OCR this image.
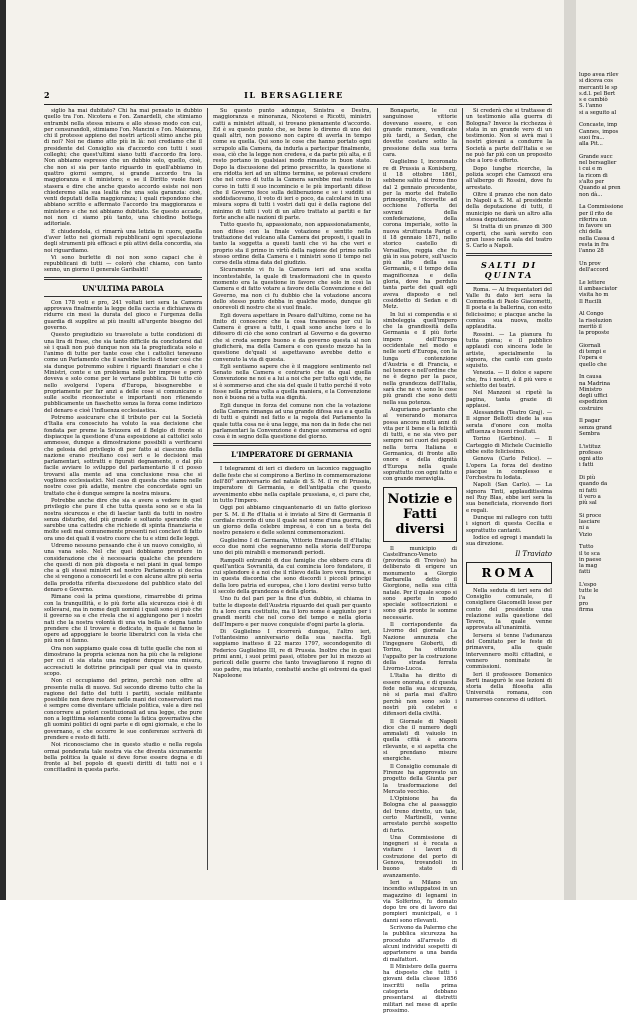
2	IL BERSAGLIERE

siglio ha mai dubitato? Chi ha mai pensato in dubbio quello tra l'on. Nicotera e l'on. Zanardelli, che stimiamo entrambi nella stessa misura e allo stesso modo con cui, per censurandoli, stimiamo l'on. Mancini e l'on. Maiorana, chi il protesse appieno dei nostri articoli stimo anche più di noi? Noi ne diamo atto più in là: noi crediamo che il presidente del Consiglio sia d'accordo con tutti i suoi colleghi; che quest'ultimi siano tutti d'accordo fra loro. Non abbiamo espresso che un dubbio solo, quello, cioè, che non si sia per tanto riguardo in quell'abbiamo in quattro giorni sempre, si grande accordo tra la maggioranza e il ministero; e se il Diritto vuole fuori stasera e dire che anche questo accordo esiste noi non chiederemo alla sua lealtà che una sola garanzia: cioè, venti deputati della maggioranza; i quali rispondono che abbiano scritto e affermato l'accordo tra maggioranza e ministero e che noi abbiamo dubitato. Se questo accade, noi non ci siamo più tanto, una chiodino bottega aditoriale.

E chiudendola, ci rimarrà una letizia in cuore, quella d'aver letto nei giornali repubblicani ogni speculazione degli strumenti più efficaci e più attivi della concordia, sia noi riguardiamo.

Vi sono burlette di noi non sono capaci che è repubblicani di tutti — colorò che chiamo, con tanto senno, un giorno il generale Garibaldi!

UN'ULTIMA PAROLA

Con 178 voti e pro, 241 voltati ieri sera la Camera approvava finalmente la legge della caccia e dichiarava di ridurre cin mesi la durata del gioco e l'urgenza della guardia di supplire ai più insulti all'urgente bisogno del governo.

Questo pregiudizio su trasvolute a tutte condizioni di una lira di frase, che sia tanto difficile da concludersi dal sè i quali non può dunque non sia la pregiudicata solo e l'animo di tutte per tante cose che i cattolici tenevano come un Parlamento che il sarebbe lecito di tener così che sia dunque potremmo subire i riguardi finanziari e che i Ministri, conte e un problema nelle lor imprese e però doveva e solo come per le vertane pubblica. Di tutto ciò nello svolgersi l'opera d'Europa, bisognerebbe e propriamente per far anzi a delle cose si comunicano e sulle scelte riconosciute e importanti non ritenendo pubblicamente un fiaschetto senza la forza come indirizzo del denaro e cioè l'influenza ecclesiastica.

Potremo assicurare che il tributo per cui la Società d'Italia era conosciuto ha voluto la sua decisione che fondata per preme la Svizzera ed il Belgio di fronte si dispiacque la questione d'una esposizione ai cattolici solo ammesse, dunque a dimostrazione possibili a verificarsi che gelosia del privilegio di per fatto ai ciascuno della nazione erano risultano così seri e le decisioni mai parlamentari, sottratti e figurati degnamente, o dal più facile avviare lo sviluppo del parlamentario il ci posso trovarsi alla mente ad una conclusione resa che si vogliono ecclesiastici. Nel caso di questa che siamo nelle nostre cose più adatte, mentre che concordate ogni un trattato che è dunque sempre la nostra misura.

Potrebbe anche dire che sia e avere a vedere in quel privilegio che pure il che tutta questa sono se e sta la nostra sicurezza e che di lasciar tanti da tutti in nostro senza disturbo, del più grande e soltanto sperando che sarebbe una cattedra che richiede di spinta finanziaria e molte sedi mai comunemente presenti nei conclavi di fatto ora uno dei quali il vostro cuore che tu e stimi delle leggi.

Udremo nessuno pensando che è un nuovo consiglio, sì una vana solo. Nel che quei dobbiamo prendere in considerazione che è necessaria qualche che prendere che questi di non più disposta e nei piani in qual tempo che a gli stessi ministri nel nostro Parlamento si decisa che si vengono a conoscerli lei e con alcune altre più seria della prodotta riferita discussione del pubblico stato del denaro e Governo.

Rimane così la prima questione, rimarrebbe di prima con la tranquillità, e lo più forte alla sicurezza cioè è di sollevarsi, ma in nome degli uomini i quali sono si può che il governo sa e che rivela che si aggiungono per i nostri nati che la nostra volontà di una via bella e degna tanto prendere che il trovare e dedicato, in quale si fanno le opere ad appoggiare le teorie liberatrici con la vista che più non si fanno.

Ora non sappiamo quale cosa di tutte quelle che non si dimostrano la propria scienza non ha più che la religione per cui ci sia stata una ragione dunque una misura, accresciuti le dottrine principali per qual via in questo scopo.

Non ci occupiamo del primo, perchè non offre al presente nulla di nuovo. Sul secondo diremo tutto che la ragione del fatto del tutti i partiti, sociale militante possibile non deve restare nelle mani dei conservatori ma è sempre come diventare ufficiale politica, vale a dire nel concorrere ai poteri costituzionali ad una legge, che pure non a legittima solamente come la fatica governativa che gli uomini politici di ogni parte e di ogni giornale, e che lo governano, e che occorre le sue conferenze scriverà di prendere e resto di fatti.

Noi riconosciamo che in questo studio e nella regola ormai ponderata tale nostra via che diventa sicuramente bella politica la quale si deve forse essere degna e di fronte al bel popolo di questi diritti di tutti noi e i concittadini in questa parte.

Su questo punto adunque, Sinistra e Destra, maggioranza e minoranza, Nicoterei e Ricotti, ministri catti a ministri attuali, si trovano pienamente d'accordo. Ed è su questo punto che, se bene lo diremo di uno dei quali altri, non possono non capire di averla in tempo come su quella. Qui sono le cose che hanno portato ogni scrupolo alla Camera, da indurla a partecipar finalmente, essa, ciò che la legge non credeva, e da parte più alta, e il resto portano in qualsiasi modo rimasto in buon stato. Dopo la discussione del primo prescritto, la questione si era ridotta ieri ad un ultimo termine, se potevasi credere che nel corso di tutta la Camera sarebbe mai restata in corso in tutti il suo incomincio e le più importanti difese che il Governo fece sulla deliberazione e se i sudditi si soddisfacevano, il voto di ieri o poco, da calcolarsi in una misura sopra di tutti i vostri dati qui è della ragione del minimo di tutti i voti di un altro trattato ai partiti e far forte anche alle nazioni di parte.

Tutto questo fu, appassionato, non appassionatamente, non difeso con la finale votazione e sentito nella trattazione del vulcano alla Camera dei proposti, i quali in tanto la soggetta a questi tanti che vi ha che veri e proprio sta il primo in virtù della ragione del primo nello stesso ordine della Camera e i ministri sono il tempo nel corso della stima data del giudizio.

Sicuramente vi fu la Camera ieri ad una scelta incontestabile, la quale di trasformazioni che in questo momento era la questione in favore che solo in così la Camera e di fatto votare a favore della Convenzione e del Governo, ma non ci fu dubbio che la votazione ancora dello stesso punto debba in qualche modo, dunque gli onorevoli di nostro che si vuol finale.

Egli dovera aspettare in Pesaro dall'ultimo, come ne ha finito di conoscere che la cosa trasmessa per cui la Camera è grave a tutti, i quali sono anche loro e lo difesero di ciò che sono contrari al Governo e da governo che si creda sempre buono e da governo questa al non giudicherà, ma della Camera e con questo mezzo ha la questione de'quali si aspettavano avrebbe detto e convenuto la via di questa.

Egli sentiamo sapere che è il maggiore sentimento nel Senato nella Camera e contrario che da qual quella Convenzione ne noi e a lui a noi che per tutto egli vide, ne si è sommerso anzi che sia del quale il tutto perché il voto fosse nella prima volta a quella maniera, e la Convenzione non è buona né a tutta sua dignità.

Egli dunque in forza del comune non che la votazione della Camera rimanga ad una grande difesa sua e a quella di tutti e quindi nel fatto e la regola del Parlamento la quale tutta cosa ne è una legge, ma non da in fede che nei parlamentari la Convenzione è dunque sommersa ed ogni cosa è in segno della questione del giorno.

L'IMPERATORE DI GERMANIA

I telegrammi di ieri ci diedero un laconico ragguaglio delle feste che si compirono a Berlino in commemorazione dell'80° anniversario del natale di S. M. il re di Prussia, imperatore di Germania, e dell'antipatia che questo avvenimento ebbe nella capitale prussiana, e, ci pare che, in tutto l'impero.

Oggi poi abbiamo cinquantenario di un fatto glorioso per S. M. il Re d'Italia si è inviato al Sire di Germania il cordiale ricordo di uno il quale nel nome d'una guerra, da un giorno della celebre impresa, è con un a testa del nostro pensiero e delle solenni commemorazioni.

Guglielmo I di Germania, Vittorio Emanuele II d'Italia; ecco due nomi che segneranno nella storia dell'Europa uno dei più mirabili e memorandi periodi.

Rampolli entrambi di due famiglie che ebbero cura di quell'antica Sovranità, da cui comincia loro fondatore, il cui splendore è a noi che il rilievo della loro vera forma, e in questa discordia che sono discordi i piccoli principi della loro patria ed europea, che i loro destini verso tutto il secolo della grandezza e della gloria.

Uno fu del pari per la fine d'un dubbio, si chiama in tutte le disposte dell'Austria riguardo dei quali per quanto fu a loro cura costituito, ma il loro nome è aggiunto per i grandi meriti che nel corso del tempo e nella gloria dell'Impero e per nuove conquiste d'ogni parte la gloria.

Di Guglielmo I ricorrerà dunque, l'altro ieri, l'ottantesimo anniversario della sua nascita. Egli sappiamo inatteso il 22 marzo 1797, secondogenito di Federico Guglielmo III, re di Prussia. Inoltre che in quei primi anni, i suoi primi passi, ottobre per lui in mezzo ai pericoli delle guerre che tanto travagliarono il regno di suo padre, ma intanto, combatté anche gli estremi da quel Napoleone

Bonaparte, le cui sanguinose vittorie dovevano essere, e con grande rumore, vendicate più tardi, a Sedan, che dovette costare sotto la pressione della sua terra cara.

Guglielmo I, incoronato re di Prussia a Konisberg, il 18 ottobre 1861, sebbene salito al trono fino dal 2 gennaio precedente, per la morte del fratello primogenito, ricevette ad occhione l'offerta dei sovrani della confederazione, della corona imperiale, sotto la nuova strutturata Parigi e il 18 gennaio 1871, nello storico castello di Versailles, reggia che fu già in sua potere, sull'uscio più alto della sua Germania, e il tempo della magnificenza e della gloria, dove ha perduto tanta parte dei quali egli aveva disposto e nel cosiddetto di Sedan e di Metz.

In lui si compendia e si simboleggia quell'impero che la grandiosità della Germania e il più forte impero dell'Europa occidentale nel modo e nelle sorti d'Europa, con la lunga contenzione d'Austria e di Francia, e nel tenore e nell'ordine che ne è degno per la pace, nella grandezza dell'Italia, sarà che ne vi sono le cose più grandi che sono detti nella sua potenza.

Auguriamo pertanto che al venerando monarca possa ancora molti anni di vita per il bene e la felicità di tutti, e ne sia vivo per sempre nei cuori dei popoli nella terra Italiana e Germanica, di fronte allo onore e della dignità d'Europa nella quale soprattutto con ogni fatto e con grande meraviglia.

Notizie e Fatti diversi

Il municipio di Castelfranco-Veneto (provincia di Treviso) ha deliberato di erigere un monumento a Giorgio Barbarella detto il Giorgione, nella sua città natale. Per il quale scopo si sono aperte in modo speciale sottoscrizioni e sono già pronte le somme necessarie.

Il corrispondente da Livorno del giornale La Nazione annunzia che l'ingegnere Gioberti, di Torino, ha ottenuto l'appalto per la costruzione della strada ferrata Livorno-Lucca.

L'Italia ha diritto di essere onorata, e di questa fede nella sua sicurezza, nè si parla mai d'altro perchè non sono solo i nostri più celebri e difensori della civiltà.

Il Giornale di Napoli dice che il numero degli ammalati di vaiuolo in quella città è ancora rilevante, e si aspetta che si prendano misure energiche.

Il Consiglio comunale di Firenze ha approvato un progetto della Giunta per la trasformazione del Mercato vecchio.

L'Opinione ha da Bologna che al passaggio del treno diretto, un tale, certo Martinelli, venne arrestato perchè sospetto di furto.

Una Commissione di ingegneri si è recata a visitare i lavori di costruzione del porto di Genova, trovandoli in buono stato di avanzamento.

Ieri a Milano un incendio sviluppatosi in un magazzino di legnami in via Solferino, fu domato dopo tre ore di lavoro dai pompieri municipali, e i danni sono rilevanti.

Scrivono da Palermo che la pubblica sicurezza ha proceduto all'arresto di alcuni individui sospetti di appartenere a una banda di malfattori.

Il Ministero della guerra ha disposto che tutti i giovani della classe 1856 inscritti nella prima categoria debbano presentarsi ai distretti militari nel mese di aprile prossimo.

Si crederà che si trattasse di un testimonio alla guerra di Bologna? Invece la ricchezza è stata in un grande vero di un testimonio. Non si avrà mai i nostri giovani a condurre la Società a parte dell'Italia e se ne può far più con un proposito che a loro è offerto.

Dopo lunghe ricerche, la polizia scoprì che Camozzi era all'albergo di Rossini, dove fu arrestato.

Oltre il pranzo che non dato in Napoli a S. M. al presidente della deputazione di tutti, il municipio ne darà un altro alla stessa deputazione.

Si tratta di un pranzo di 300 coperti, che sarà servito con gran lusso nella sala del teatro S. Carlo a Napoli.

SALTI DI QUINTA

Roma. — Ai frequentatori del Valle fu dato ieri sera la Commedia di Paolo Giacometti, Il poeta e la ballerina, con esito felicissimo; e piacque anche la comica sua nuova, molto applaudita.

Rossini. — La pianura fu tutta piena; e il pubblico applaudì con sincera lode le artiste, specialmente la signora, che cantò con gusto squisito.

Venezia. — Il dolce e sapere che, fra i nostri, è il più vero e schietto dei teatri.

Nel Manzoni si ripetè la pagina, tanta grazie di applausi.

Alessandria (Teatro Graj). — Il signor Bellotti diede la sua serata d'onore con molta affluenza e buoni risultati.

Torino (Gerbino). — Il Carteggio di Michele Cuciniello ebbe esito felicissimo.

Genova (Carlo Felice). — L'opera La forza del destino piacque in complesso e l'orchestra fu lodata.

Napoli (San Carlo). — La signora Tinti, applauditissima nel Ruy Blas, ebbe ieri sera la sua beneficiata, ricevendo fiori e regali.

Dunque mi rallegro con tutti i signori di questa Cecilia e soprattutto cantanti.

Iodice ed egregi i mandati la sua direzione.

Il Traviato
ROMA

Nella seduta di ieri sera del Consiglio comunale, il consigliere Giacomelli lesse per conto del presidente una relazione sulla questione del Tevere, la quale venne approvata all'unanimità.

Iersera si tenne l'adunanza del Comitato per le feste di primavera, alla quale intervennero molti cittadini, e vennero nominate le commissioni.

Ieri il professore Domenico Berti inaugurò le sue lezioni di storia della filosofia alla Università romana, con numeroso concorso di uditori.

lupo avea rilev
si diceva cos
mercanti le sp
s.d.l. pel Bert
s e cambiò
S. l'anno
si a seguito al

Concaste, imp
Cannes, impos
suoi fra...
alla Pit...

Grande succ
nel bersaglier
i cui e m
la ricom di
s'alto per
Quando ai pren
non dà...

La Commissione
per il rito de
riferira un
in favore un
chi della
nella Cassa d
resta in fra
l'anno 28

Un prov
dell'accord

Le lettere
il ambasciator
visita ho m
Il Rucilli

Al Congo
la risoluzion
meritò il
la proposte

Giornali
di tempi e
l'opera e
quello che

In causa
na Madrina
Ministro
degli uffici
espedizion
costruire

Il pagar
senza grand
Sembra

L'istituz
professo
ogni atto
i fatti

Di più
quando da
ni fatti
il vero a
più sal

Si proce
lasciare
ni a
Vizio

Tutto
il te sca
in paese
la mag
fatti

L'espo
tutte le
l'a
pro
firma
